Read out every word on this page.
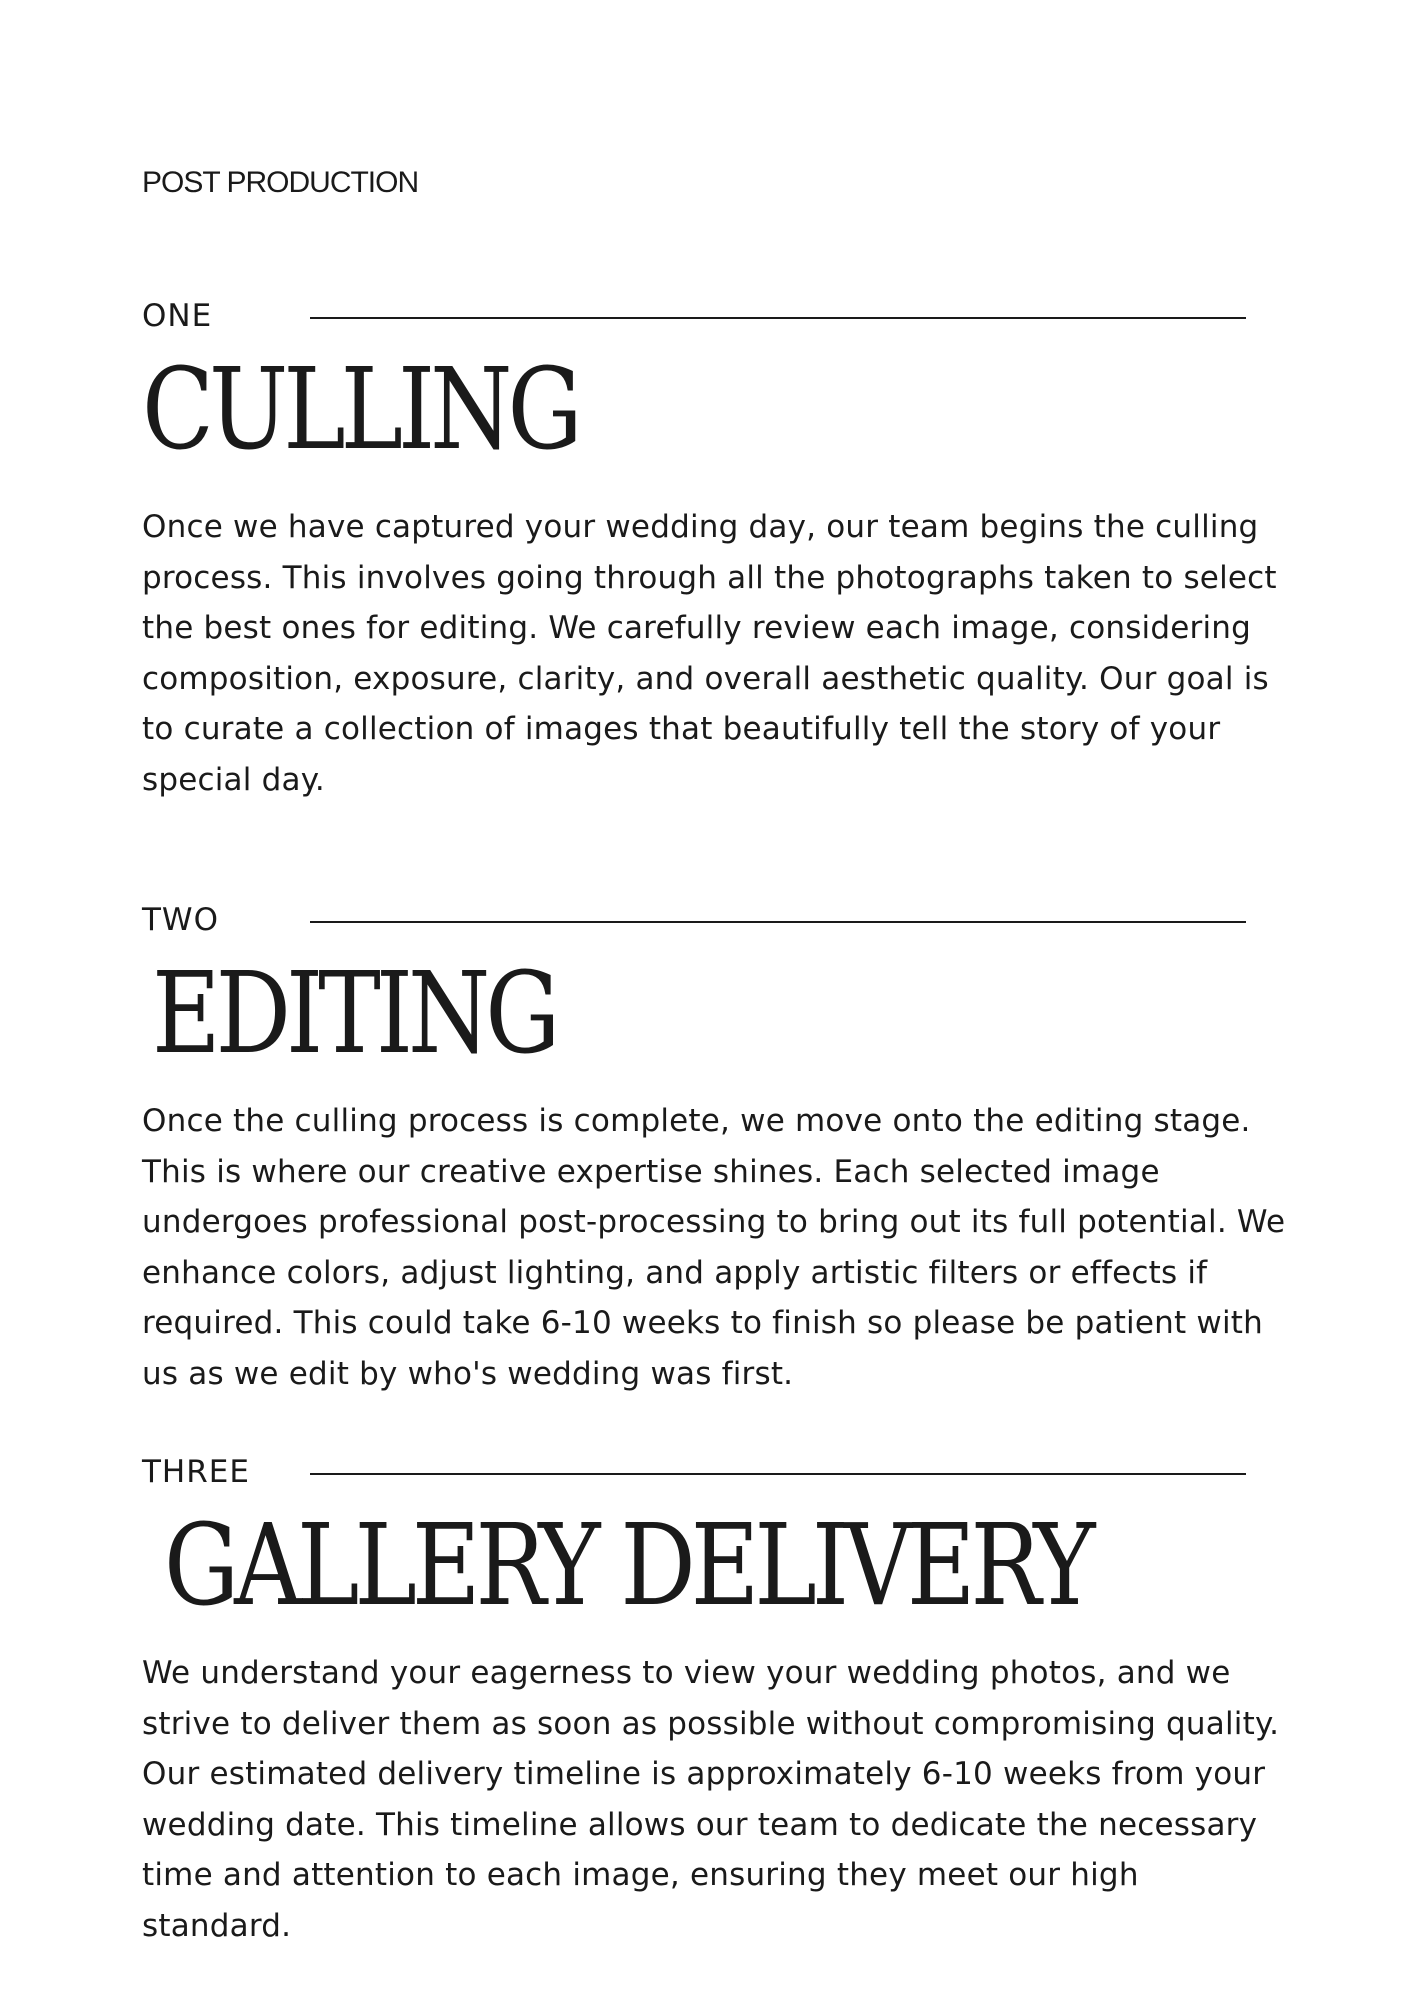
POST PRODUCTION
ONE
CULLING

Once we have captured your wedding day, our team begins the culling process. This involves going through all the photographs taken to select the best ones for editing. We carefully review each image, considering composition, exposure, clarity, and overall aesthetic quality. Our goal is to curate a collection of images that beautifully tell the story of your special day.

TWO
EDITING

Once the culling process is complete, we move onto the editing stage. This is where our creative expertise shines. Each selected image undergoes professional post-processing to bring out its full potential. We enhance colors, adjust lighting, and apply artistic filters or effects if required. This could take 6-10 weeks to finish so please be patient with us as we edit by who's wedding was first.

THREE
GALLERY DELIVERY

We understand your eagerness to view your wedding photos, and we strive to deliver them as soon as possible without compromising quality. Our estimated delivery timeline is approximately 6-10 weeks from your wedding date. This timeline allows our team to dedicate the necessary time and attention to each image, ensuring they meet our high standard.
